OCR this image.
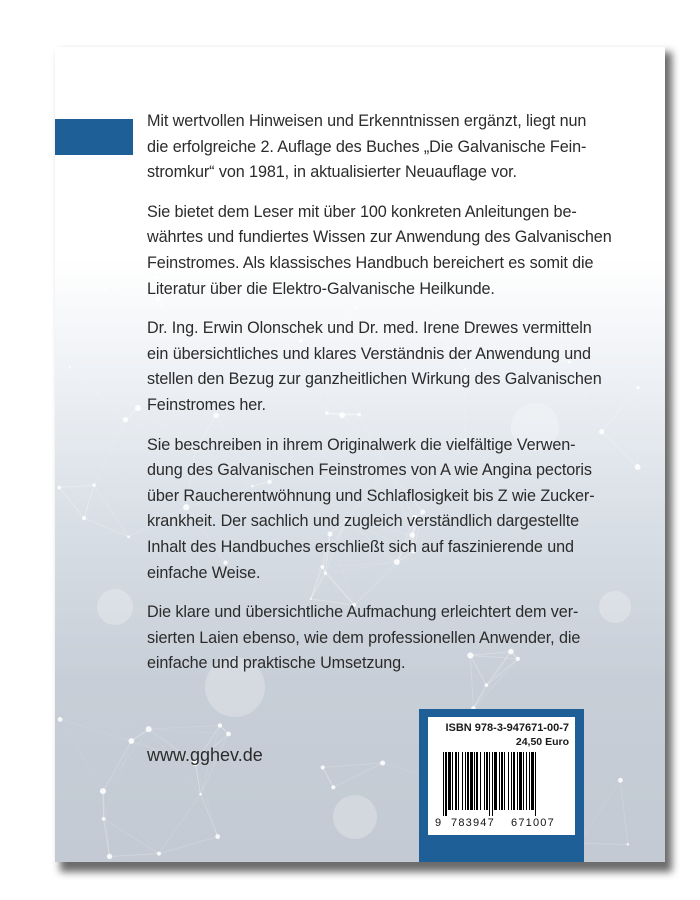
Mit wertvollen Hinweisen und Erkenntnissen ergänzt, liegt nun
die erfolgreiche 2. Auflage des Buches „Die Galvanische Fein-
stromkur“ von 1981, in aktualisierter Neuauflage vor.
Sie bietet dem Leser mit über 100 konkreten Anleitungen be-
währtes und fundiertes Wissen zur Anwendung des Galvanischen
Feinstromes. Als klassisches Handbuch bereichert es somit die
Literatur über die Elektro-Galvanische Heilkunde.
Dr. Ing. Erwin Olonschek und Dr. med. Irene Drewes vermitteln
ein übersichtliches und klares Verständnis der Anwendung und
stellen den Bezug zur ganzheitlichen Wirkung des Galvanischen
Feinstromes her.
Sie beschreiben in ihrem Originalwerk die vielfältige Verwen-
dung des Galvanischen Feinstromes von A wie Angina pectoris
über Raucherentwöhnung und Schlaflosigkeit bis Z wie Zucker-
krankheit. Der sachlich und zugleich verständlich dargestellte
Inhalt des Handbuches erschließt sich auf faszinierende und
einfache Weise.
Die klare und übersichtliche Aufmachung erleichtert dem ver-
sierten Laien ebenso, wie dem professionellen Anwender, die
einfache und praktische Umsetzung.
www.gghev.de
ISBN 978-3-947671-00-7
24,50 Euro
9 783947 671007
